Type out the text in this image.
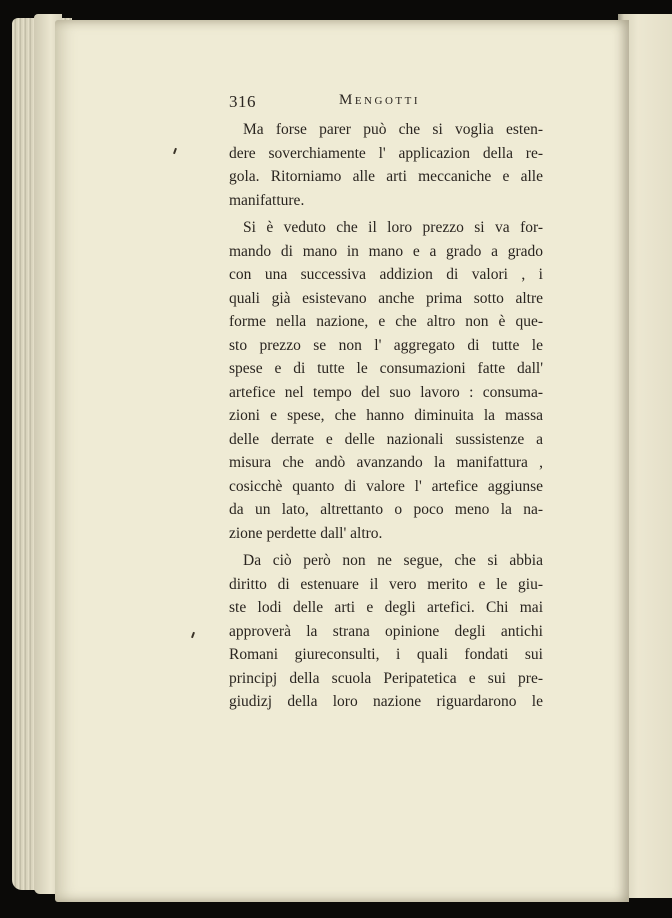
316	Mengotti
Ma forse parer può che si voglia esten-
dere soverchiamente l' applicazion della re-
gola. Ritorniamo alle arti meccaniche e alle
manifatture.
Si è veduto che il loro prezzo si va for-
mando di mano in mano e a grado a grado
con una successiva addizion di valori , i
quali già esistevano anche prima sotto altre
forme nella nazione, e che altro non è que-
sto prezzo se non l' aggregato di tutte le
spese e di tutte le consumazioni fatte dall'
artefice nel tempo del suo lavoro : consuma-
zioni e spese, che hanno diminuita la massa
delle derrate e delle nazionali sussistenze a
misura che andò avanzando la manifattura ,
cosicchè quanto di valore l' artefice aggiunse
da un lato, altrettanto o poco meno la na-
zione perdette dall' altro.
Da ciò però non ne segue, che si abbia
diritto di estenuare il vero merito e le giu-
ste lodi delle arti e degli artefici. Chi mai
approverà la strana opinione degli antichi
Romani giureconsulti, i quali fondati sui
principj della scuola Peripatetica e sui pre-
giudizj della loro nazione riguardarono le
